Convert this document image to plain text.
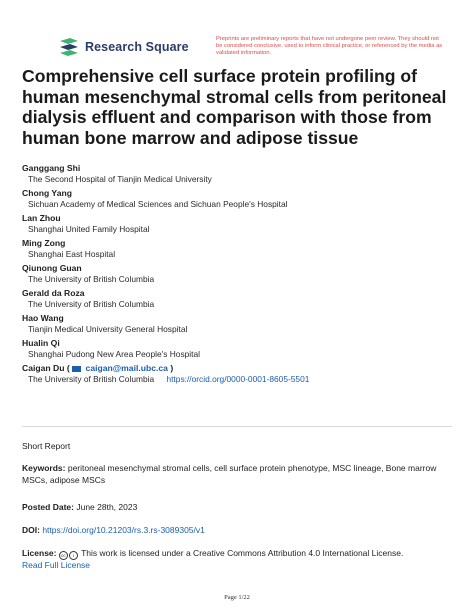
Research Square
Preprints are preliminary reports that have not undergone peer review. They should not be considered conclusive, used to inform clinical practice, or referenced by the media as validated information.
Comprehensive cell surface protein profiling of human mesenchymal stromal cells from peritoneal dialysis effluent and comparison with those from human bone marrow and adipose tissue
Ganggang Shi
The Second Hospital of Tianjin Medical University
Chong Yang
Sichuan Academy of Medical Sciences and Sichuan People's Hospital
Lan Zhou
Shanghai United Family Hospital
Ming Zong
Shanghai East Hospital
Qiunong Guan
The University of British Columbia
Gerald da Roza
The University of British Columbia
Hao Wang
Tianjin Medical University General Hospital
Hualin Qi
Shanghai Pudong New Area People's Hospital
Caigan Du ( caigan@mail.ubc.ca )
The University of British Columbia https://orcid.org/0000-0001-8605-5501
Short Report
Keywords: peritoneal mesenchymal stromal cells, cell surface protein phenotype, MSC lineage, Bone marrow MSCs, adipose MSCs
Posted Date: June 28th, 2023
DOI: https://doi.org/10.21203/rs.3.rs-3089305/v1
License: cc i This work is licensed under a Creative Commons Attribution 4.0 International License.
Read Full License
Page 1/22
